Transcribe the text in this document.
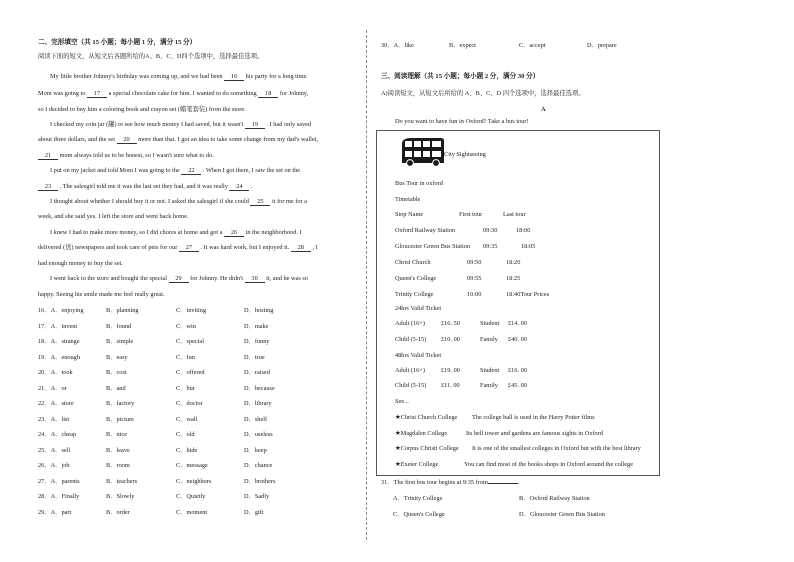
二、完形填空（共 15 小题；每小题 1 分，满分 15 分）
阅读下面的短文，从短文后各题所给的A、B、C、D四个选项中，选择最佳选项。
My little brother Johnny's birthday was coming up, and we had been 16 his party for a long time.
Mom was going to 17 a special chocolate cake for him. I wanted to do something 18 for Johnny,
so I decided to buy him a coloring book and crayon set (蜡笔套装) from the store.
I checked my coin jar (罐) to see how much money I had saved, but it wasn't 19 . I had only saved
about three dollars, and the set 20 more than that. I got an idea to take some change from my dad's wallet,
21 mom always told us to be honest, so I wasn't sure what to do.
I put on my jacket and told Mom I was going to the 22 . When I got there, I saw the set on the
23 . The salesgirl told me it was the last set they had, and it was really 24 .
I thought about whether I should buy it or not. I asked the salesgirl if she could 25 it for me for a
week, and she said yes. I left the store and went back home.
I knew I had to make more money, so I did chores at home and got a 26 in the neighborhood. I
delivered (送) newspapers and took care of pets for our 27 . It was hard work, but I enjoyed it. 28 , I
had enough money to buy the set.
I went back to the store and bought the special 29 for Johnny. He didn't 30 it, and he was so
happy. Seeing his smile made me feel really great.
16．A．enjoying	B．planning	C．inviting	D．hosting
17．A．invent	B．found	C．win	D．make
18．A．strange	B．simple	C．special	D．funny
19．A．enough	B．easy	C．fun	D．true
20．A．took	B．cost	C．offered	D．raised
21．A．or	B．and	C．but	D．because
22．A．store	B．factory	C．doctor	D．library
23．A．list	B．picture	C．wall	D．shelf
24．A．cheap	B．nice	C．old	D．useless
25．A．sell	B．leave	C．hide	D．keep
26．A．job	B．room	C．message	D．chance
27．A．parents	B．teachers	C．neighbors	D．brothers
28．A．Finally	B．Slowly	C．Quietly	D．Sadly
29．A．part	B．order	C．moment	D．gift
30．A．like	B．expect	C．accept	D．prepare
三、阅读理解（共 15 小题；每小题 2 分，满分 30 分）
A)阅读短文，从短文后所给的 A、B、C、D 四个选项中，选择最佳选项。
A
Do you want to have fun in Oxford? Take a bus tour!
City Sightseeing
Bus Tour in oxford
Timetable
Stop Name	First tour	Last tour
Oxford Railway Station	09:30	18:00
Gloucester Green Bus Station 09:35	18:05
Christ Church	09:50	18:20
Queen's College	09:55	18:25
Trinity College	10:00	18:40Tour Prices
24hrs Valid Ticket
Adult (16+)	£16. 50	Student £14. 00
Child (5-15) £10. 00	Family £40. 00
48hrs Valid Ticket
Adult (16+)	£19. 00	Student £16. 00
Child (5-15) £11. 00	Family £45. 00
See...
★Christ Church College The college hall is used in the Harry Potter films
★Magdalen College	Its bell tower and gardens are famous sights in Oxford
★Corpus Christi College It is one of the smallest colleges in Oxford but with the best library
★Exeter College	You can find most of the books shops in Oxford around the college
31．The first bus tour begins at 9:35 from	.
A．Trinity College	B．Oxford Railway Station
C．Queen's College	D．Gloucester Green Bus Station
